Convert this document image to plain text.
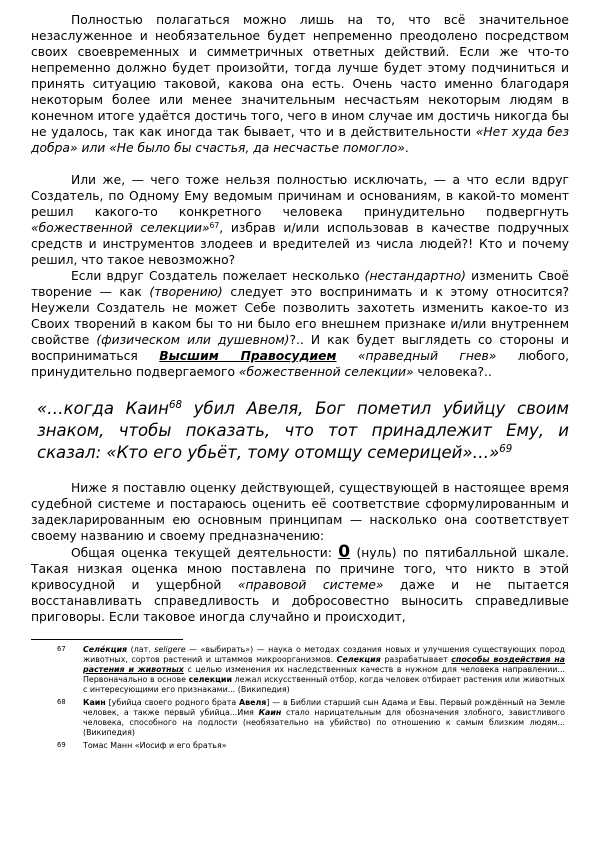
Полностью полагаться можно лишь на то, что всё значительное незаслуженное и необязательное будет непременно преодолено посредством своих своевременных и симметричных ответных действий. Если же что-то непременно должно будет произойти, тогда лучше будет этому подчиниться и принять ситуацию таковой, какова она есть. Очень часто именно благодаря некоторым более или менее значительным несчастьям некоторым людям в конечном итоге удаётся достичь того, чего в ином случае им достичь никогда бы не удалось, так как иногда так бывает, что и в действительности «Нет худа без добра» или «Не было бы счастья, да несчастье помогло».

Или же, — чего тоже нельзя полностью исключать, — а что если вдруг Создатель, по Одному Ему ведомым причинам и основаниям, в какой-то момент решил какого-то конкретного человека принудительно подвергнуть «божественной селекции»$^{67}$, избрав и/или использовав в качестве подручных средств и инструментов злодеев и вредителей из числа людей?! Кто и почему решил, что такое невозможно?

Если вдруг Создатель пожелает несколько (нестандартно) изменить Своё творение — как (творению) следует это воспринимать и к этому относится? Неужели Создатель не может Себе позволить захотеть изменить какое-то из Своих творений в каком бы то ни было его внешнем признаке и/или внутреннем свойстве (физическом или душевном)?.. И как будет выглядеть со стороны и восприниматься Высшим Правосудием «праведный гнев» любого, принудительно подвергаемого «божественной селекции» человека?..

«…когда Каин$^{68}$ убил Авеля, Бог пометил убийцу своим знаком, чтобы показать, что тот принадлежит Ему, и сказал: «Кто его убьёт, тому отомщу семерицей»…»$^{69}$

Ниже я поставлю оценку действующей, существующей в настоящее время судебной системе и постараюсь оценить её соответствие сформулированным и задекларированным ею основным принципам — насколько она соответствует своему названию и своему предназначению:

Общая оценка текущей деятельности: 0 (нуль) по пятибалльной шкале. Такая низкая оценка мною поставлена по причине того, что никто в этой кривосудной и ущербной «правовой системе» даже и не пытается восстанавливать справедливость и добросовестно выносить справедливые приговоры. Если таковое иногда случайно и происходит,

67	Селе́кция (лат. seligere — «выбирать») — наука о методах создания новых и улучшения существующих пород животных, сортов растений и штаммов микроорганизмов. Селекция разрабатывает способы воздействия на растения и животных с целью изменения их наследственных качеств в нужном для человека направлении... Первоначально в основе селекции лежал искусственный отбор, когда человек отбирает растения или животных с интересующими его признаками... (Википедия)
68	Каин [убийца своего родного брата Авеля] — в Библии старший сын Адама и Евы. Первый рождённый на Земле человек, а также первый убийца...Имя Каин стало нарицательным для обозначения злобного, завистливого человека, способного на подлости (необязательно на убийство) по отношению к самым близким людям... (Википедия)
69	Томас Манн «Иосиф и его братья»
